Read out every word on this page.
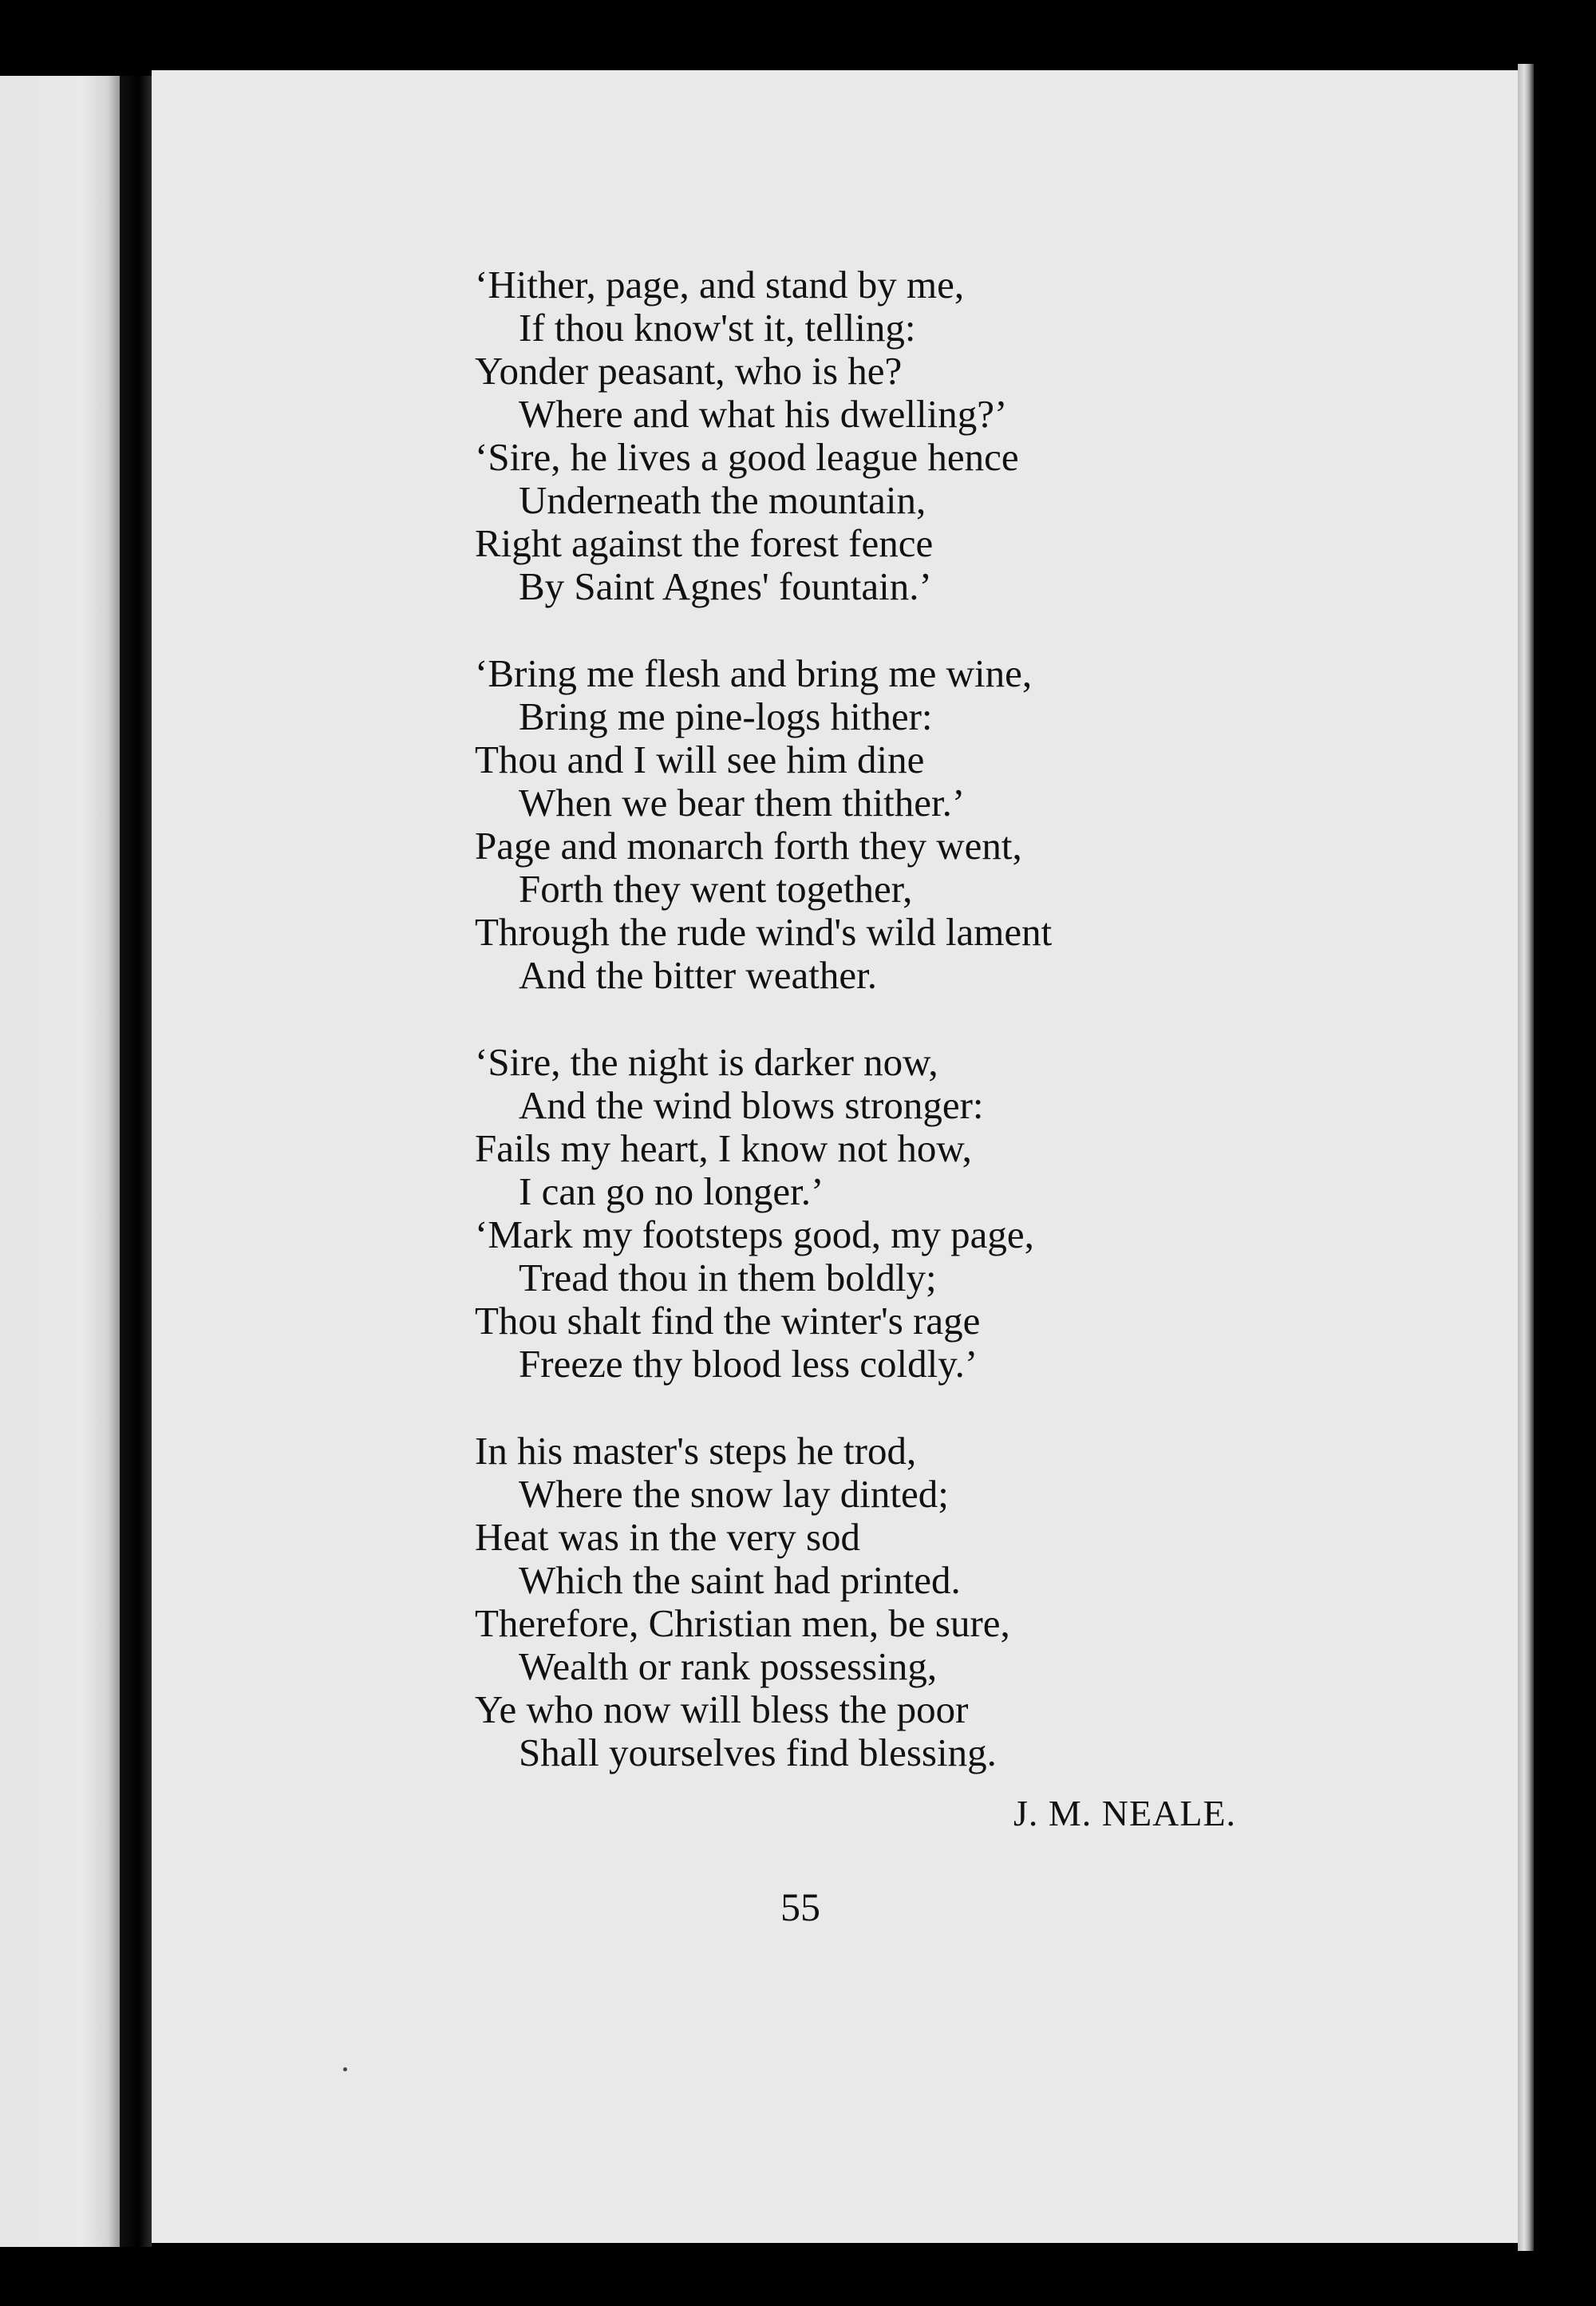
‘Hither, page, and stand by me,
If thou know'st it, telling:
Yonder peasant, who is he?
Where and what his dwelling?’
‘Sire, he lives a good league hence
Underneath the mountain,
Right against the forest fence
By Saint Agnes' fountain.’
‘Bring me flesh and bring me wine,
Bring me pine-logs hither:
Thou and I will see him dine
When we bear them thither.’
Page and monarch forth they went,
Forth they went together,
Through the rude wind's wild lament
And the bitter weather.
‘Sire, the night is darker now,
And the wind blows stronger:
Fails my heart, I know not how,
I can go no longer.’
‘Mark my footsteps good, my page,
Tread thou in them boldly;
Thou shalt find the winter's rage
Freeze thy blood less coldly.’
In his master's steps he trod,
Where the snow lay dinted;
Heat was in the very sod
Which the saint had printed.
Therefore, Christian men, be sure,
Wealth or rank possessing,
Ye who now will bless the poor
Shall yourselves find blessing.
J. M. NEALE.
55
